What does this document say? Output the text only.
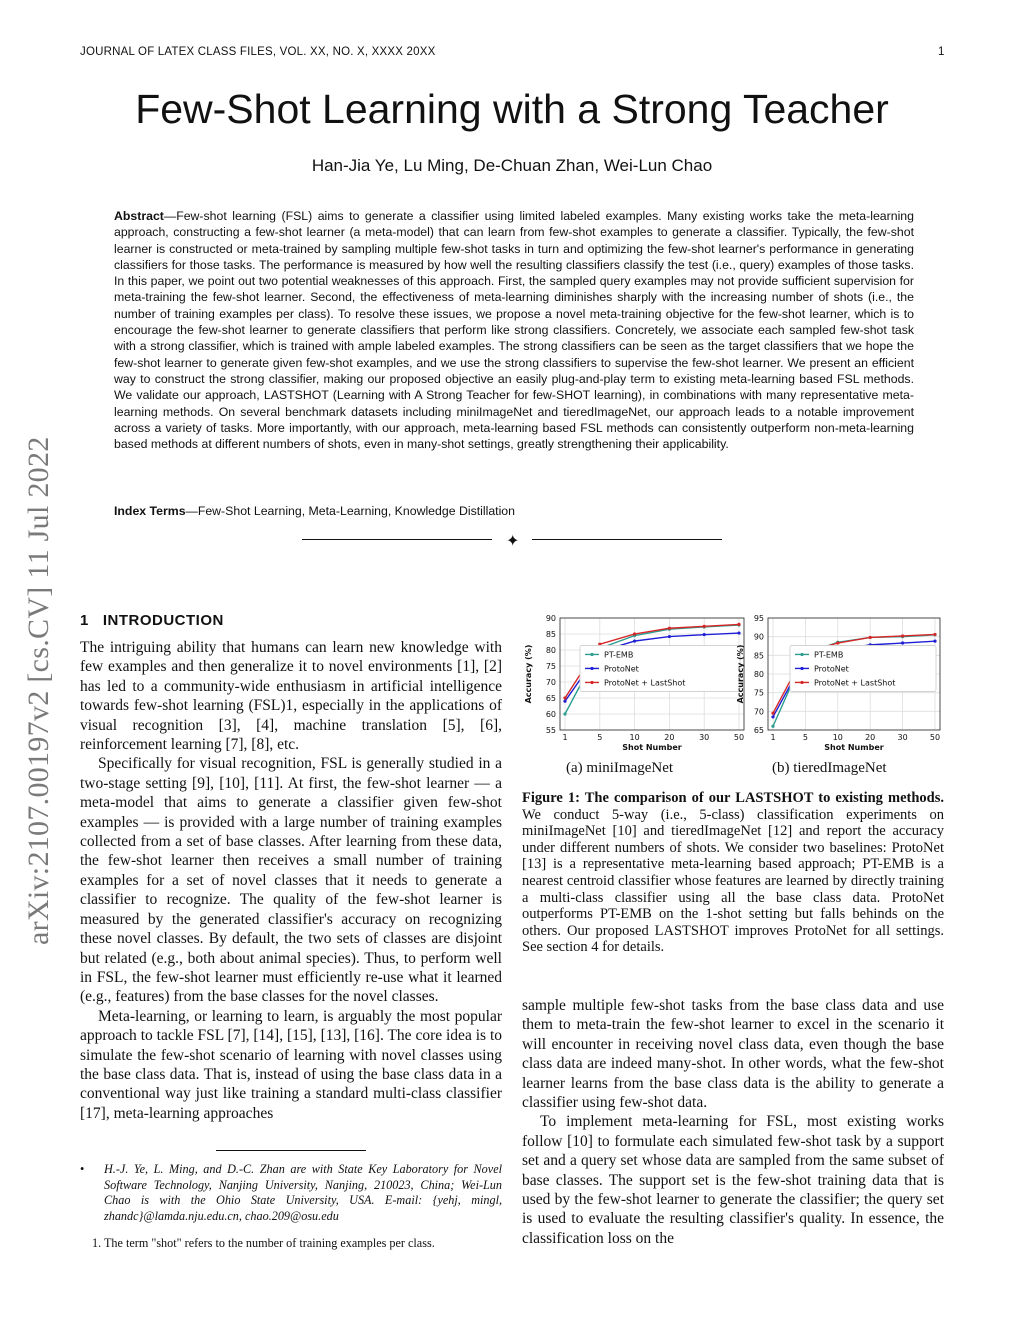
JOURNAL OF LATEX CLASS FILES, VOL. XX, NO. X, XXXX 20XX	1
Few-Shot Learning with a Strong Teacher
Han-Jia Ye, Lu Ming, De-Chuan Zhan, Wei-Lun Chao
Abstract—Few-shot learning (FSL) aims to generate a classifier using limited labeled examples. Many existing works take the meta-learning approach, constructing a few-shot learner (a meta-model) that can learn from few-shot examples to generate a classifier. Typically, the few-shot learner is constructed or meta-trained by sampling multiple few-shot tasks in turn and optimizing the few-shot learner's performance in generating classifiers for those tasks. The performance is measured by how well the resulting classifiers classify the test (i.e., query) examples of those tasks. In this paper, we point out two potential weaknesses of this approach. First, the sampled query examples may not provide sufficient supervision for meta-training the few-shot learner. Second, the effectiveness of meta-learning diminishes sharply with the increasing number of shots (i.e., the number of training examples per class). To resolve these issues, we propose a novel meta-training objective for the few-shot learner, which is to encourage the few-shot learner to generate classifiers that perform like strong classifiers. Concretely, we associate each sampled few-shot task with a strong classifier, which is trained with ample labeled examples. The strong classifiers can be seen as the target classifiers that we hope the few-shot learner to generate given few-shot examples, and we use the strong classifiers to supervise the few-shot learner. We present an efficient way to construct the strong classifier, making our proposed objective an easily plug-and-play term to existing meta-learning based FSL methods. We validate our approach, LASTSHOT (Learning with A Strong Teacher for few-SHOT learning), in combinations with many representative meta-learning methods. On several benchmark datasets including miniImageNet and tieredImageNet, our approach leads to a notable improvement across a variety of tasks. More importantly, with our approach, meta-learning based FSL methods can consistently outperform non-meta-learning based methods at different numbers of shots, even in many-shot settings, greatly strengthening their applicability.
Index Terms—Few-Shot Learning, Meta-Learning, Knowledge Distillation
✦
arXiv:2107.00197v2 [cs.CV] 11 Jul 2022 1 INTRODUCTION

The intriguing ability that humans can learn new knowledge with few examples and then generalize it to novel environments [1], [2] has led to a community-wide enthusiasm in artificial intelligence towards few-shot learning (FSL)1, especially in the applications of visual recognition [3], [4], machine translation [5], [6], reinforcement learning [7], [8], etc.

Specifically for visual recognition, FSL is generally studied in a two-stage setting [9], [10], [11]. At first, the few-shot learner — a meta-model that aims to generate a classifier given few-shot examples — is provided with a large number of training examples collected from a set of base classes. After learning from these data, the few-shot learner then receives a small number of training examples for a set of novel classes that it needs to generate a classifier to recognize. The quality of the few-shot learner is measured by the generated classifier's accuracy on recognizing these novel classes. By default, the two sets of classes are disjoint but related (e.g., both about animal species). Thus, to perform well in FSL, the few-shot learner must efficiently re-use what it learned (e.g., features) from the base classes for the novel classes.

Meta-learning, or learning to learn, is arguably the most popular approach to tackle FSL [7], [14], [15], [13], [16]. The core idea is to simulate the few-shot scenario of learning with novel classes using the base class data. That is, instead of using the base class data in a conventional way just like training a standard multi-class classifier [17], meta-learning approaches

• H.-J. Ye, L. Ming, and D.-C. Zhan are with State Key Laboratory for Novel Software Technology, Nanjing University, Nanjing, 210023, China; Wei-Lun Chao is with the Ohio State University, USA. E-mail: {yehj, mingl, zhandc}@lamda.nju.edu.cn, chao.209@osu.edu
1. The term "shot" refers to the number of training examples per class.
55
60
65
70
75
80
85
90
1	5	10	20	30	50
Shot Number
Accuracy (%)	PT-EMB
ProtoNet
ProtoNet + LastShot
65
70
75
80
85
90
95
1	5	10	20	30	50
Shot Number
Accuracy (%)	PT-EMB
ProtoNet
ProtoNet + LastShot
(a) miniImageNet	(b) tieredImageNet
Figure 1: The comparison of our LASTSHOT to existing methods. We conduct 5-way (i.e., 5-class) classification experiments on miniImageNet [10] and tieredImageNet [12] and report the accuracy under different numbers of shots. We consider two baselines: ProtoNet [13] is a representative meta-learning based approach; PT-EMB is a nearest centroid classifier whose features are learned by directly training a multi-class classifier using all the base class data. ProtoNet outperforms PT-EMB on the 1-shot setting but falls behinds on the others. Our proposed LASTSHOT improves ProtoNet for all settings. See section 4 for details.

sample multiple few-shot tasks from the base class data and use them to meta-train the few-shot learner to excel in the scenario it will encounter in receiving novel class data, even though the base class data are indeed many-shot. In other words, what the few-shot learner learns from the base class data is the ability to generate a classifier using few-shot data.

To implement meta-learning for FSL, most existing works follow [10] to formulate each simulated few-shot task by a support set and a query set whose data are sampled from the same subset of base classes. The support set is the few-shot training data that is used by the few-shot learner to generate the classifier; the query set is used to evaluate the resulting classifier's quality. In essence, the classification loss on the
